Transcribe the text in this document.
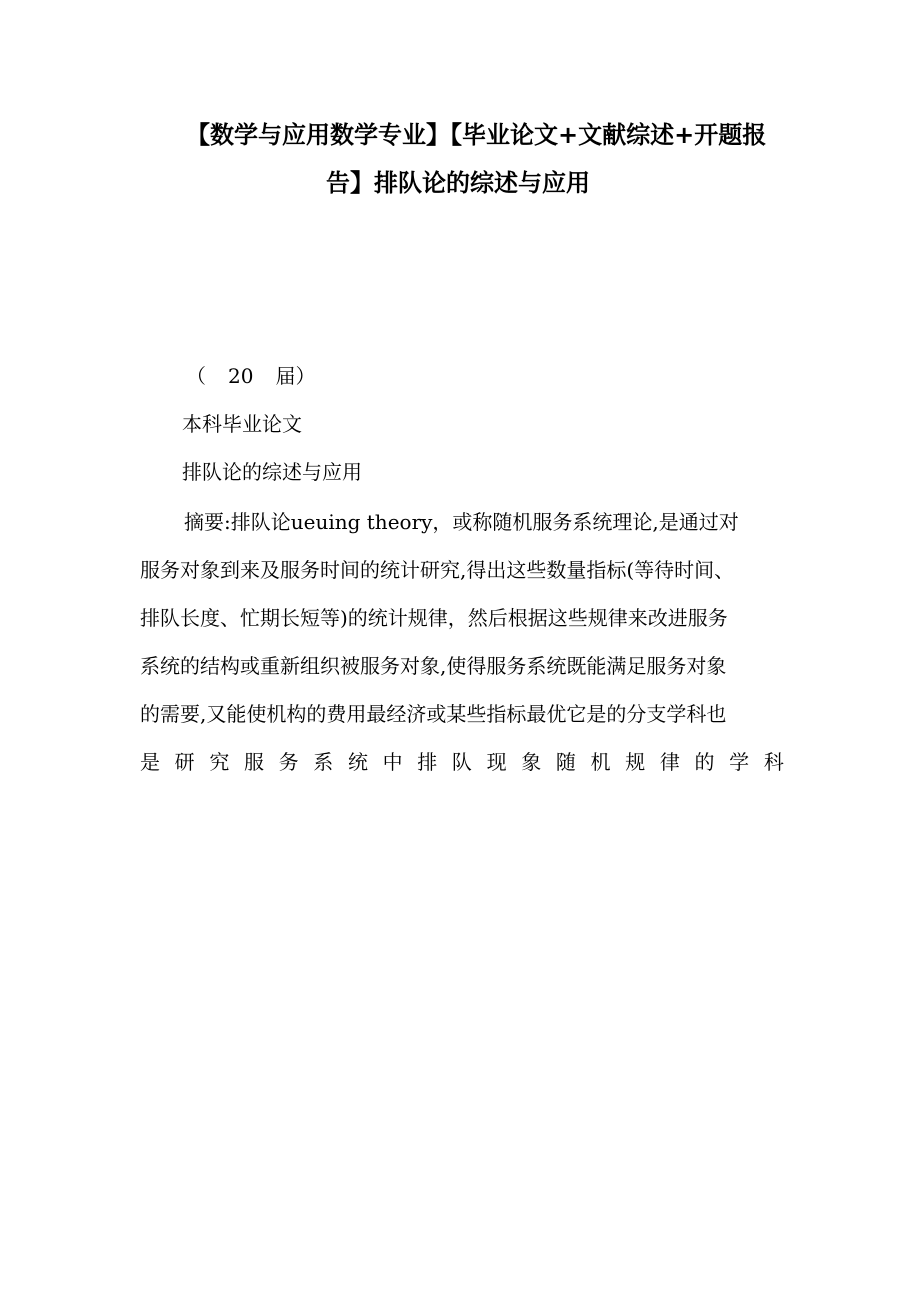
【数学与应用数学专业】【毕业论文+文献综述+开题报
告】排队论的综述与应用
（ 20 届）
本科毕业论文
排队论的综述与应用
摘要:排队论ueuing theory，或称随机服务系统理论,是通过对
服务对象到来及服务时间的统计研究,得出这些数量指标(等待时间、
排队长度、忙期长短等)的统计规律，然后根据这些规律来改进服务
系统的结构或重新组织被服务对象,使得服务系统既能满足服务对象
的需要,又能使机构的费用最经济或某些指标最优它是的分支学科也
是 研 究 服 务 系 统 中 排 队 现 象 随 机 规 律 的 学 科
